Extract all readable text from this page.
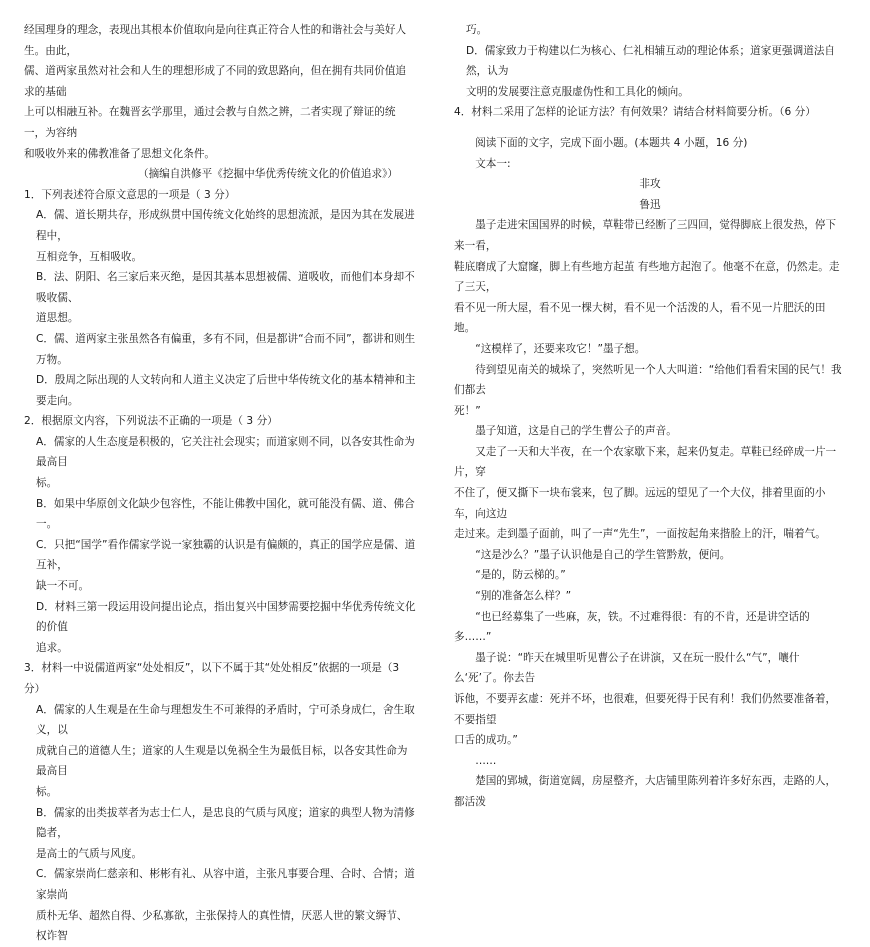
经国理身的理念，表现出其根本价值取向是向往真正符合人性的和谐社会与美好人生。由此，

儒、道两家虽然对社会和人生的理想形成了不同的致思路向，但在拥有共同价值追求的基础

上可以相融互补。在魏晋玄学那里，通过会教与自然之辨，二者实现了辩证的统一，为容纳

和吸收外来的佛教准备了思想文化条件。

（摘编自洪修平《挖掘中华优秀传统文化的价值追求》）

1．下列表述符合原文意思的一项是（ 3 分）

A．儒、道长期共存，形成纵贯中国传统文化始终的思想流派，是因为其在发展进程中，

互相竞争，互相吸收。

B．法、阴阳、名三家后来灭绝，是因其基本思想被儒、道吸收，而他们本身却不吸收儒、

道思想。

C．儒、道两家主张虽然各有偏重，多有不同，但是都讲“合而不同”，都讲和则生万物。

D．殷周之际出现的人文转向和人道主义决定了后世中华传统文化的基本精神和主要走向。

2．根据原文内容，下列说法不正确的一项是（ 3 分）

A．儒家的人生态度是积极的，它关注社会现实；而道家则不同，以各安其性命为最高目

标。

B．如果中华原创文化缺少包容性，不能让佛教中国化，就可能没有儒、道、佛合一。

C．只把“国学”看作儒家学说一家独霸的认识是有偏颇的，真正的国学应是儒、道互补，

缺一不可。

D．材料三第一段运用设问提出论点，指出复兴中国梦需要挖掘中华优秀传统文化的价值

追求。

3．材料一中说儒道两家“处处相反”，以下不属于其“处处相反”依据的一项是（3 分）

A．儒家的人生观是在生命与理想发生不可兼得的矛盾时，宁可杀身成仁，舍生取义，以

成就自己的道德人生；道家的人生观是以免祸全生为最低目标，以各安其性命为最高目

标。

B．儒家的出类拔萃者为志士仁人，是忠良的气质与风度；道家的典型人物为清修隐者，

是高士的气质与风度。

C．儒家崇尚仁慈亲和、彬彬有礼、从容中道，主张凡事要合理、合时、合情；道家崇尚

质朴无华、超然自得、少私寡欲，主张保持人的真性情，厌恶人世的繁文缛节、权诈智

巧。

D．儒家致力于构建以仁为核心、仁礼相辅互动的理论体系；道家更强调道法自然，认为

文明的发展要注意克服虚伪性和工具化的倾向。

4．材料二采用了怎样的论证方法？有何效果？请结合材料简要分析。（6 分）

阅读下面的文字，完成下面小题。(本题共 4 小题，16 分)

文本一:

非攻

鲁迅

墨子走进宋国国界的时候，草鞋带已经断了三四回，觉得脚底上很发热，停下来一看，

鞋底磨成了大窟窿，脚上有些地方起茧 有些地方起泡了。他毫不在意，仍然走。走了三天，

看不见一所大屋，看不见一棵大树，看不见一个活泼的人，看不见一片肥沃的田地。

“这模样了，还要来攻它！”墨子想。

待到望见南关的城垛了，突然听见一个人大叫道：“给他们看看宋国的民气！我们都去

死！”

墨子知道，这是自己的学生曹公子的声音。

又走了一天和大半夜，在一个农家歇下来，起来仍复走。草鞋已经碎成一片一片，穿

不住了，便又撕下一块布裳来，包了脚。远远的望见了一个大仪，排着里面的小车，向这边

走过来。走到墨子面前，叫了一声“先生”，一面按起角来揩脸上的汗，喘着气。

“这是沙么？”墨子认识他是自己的学生管黔敖，便问。

“是的，防云梯的。”

“别的准备怎么样？”

“也已经募集了一些麻，灰，铁。不过难得很：有的不肯，还是讲空话的多……”

墨子说：“昨天在城里听见曹公子在讲演，又在玩一股什么“气”，嚷什么‘死’了。你去告

诉他，不要弄玄虚：死并不坏，也很难，但要死得于民有利！我们仍然要准备着，不要指望

口舌的成功。”

……

楚国的郢城，街道宽阔，房屋整齐，大店铺里陈列着许多好东西，走路的人，都活泼
